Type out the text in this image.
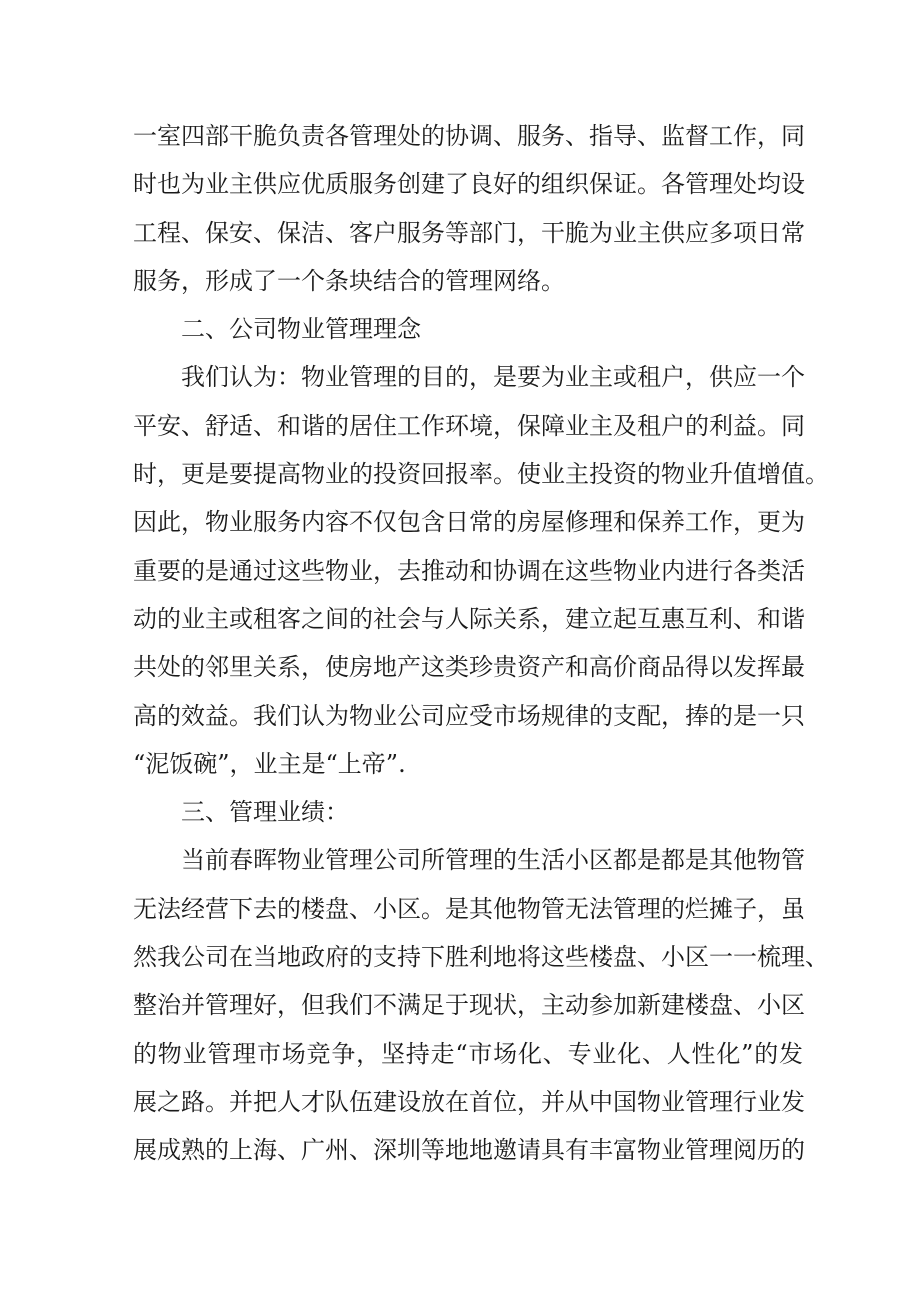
一室四部干脆负责各管理处的协调、服务、指导、监督工作，同
时也为业主供应优质服务创建了良好的组织保证。各管理处均设
工程、保安、保洁、客户服务等部门，干脆为业主供应多项日常
服务，形成了一个条块结合的管理网络。
二、公司物业管理理念
我们认为：物业管理的目的，是要为业主或租户，供应一个
平安、舒适、和谐的居住工作环境，保障业主及租户的利益。同
时，更是要提高物业的投资回报率。使业主投资的物业升值增值。
因此，物业服务内容不仅包含日常的房屋修理和保养工作，更为
重要的是通过这些物业，去推动和协调在这些物业内进行各类活
动的业主或租客之间的社会与人际关系，建立起互惠互利、和谐
共处的邻里关系，使房地产这类珍贵资产和高价商品得以发挥最
高的效益。我们认为物业公司应受市场规律的支配，捧的是一只
“泥饭碗”，业主是“上帝”.
三、管理业绩：
当前春晖物业管理公司所管理的生活小区都是都是其他物管
无法经营下去的楼盘、小区。是其他物管无法管理的烂摊子，虽
然我公司在当地政府的支持下胜利地将这些楼盘、小区一一梳理、
整治并管理好，但我们不满足于现状，主动参加新建楼盘、小区
的物业管理市场竞争，坚持走“市场化、专业化、人性化”的发
展之路。并把人才队伍建设放在首位，并从中国物业管理行业发
展成熟的上海、广州、深圳等地地邀请具有丰富物业管理阅历的
